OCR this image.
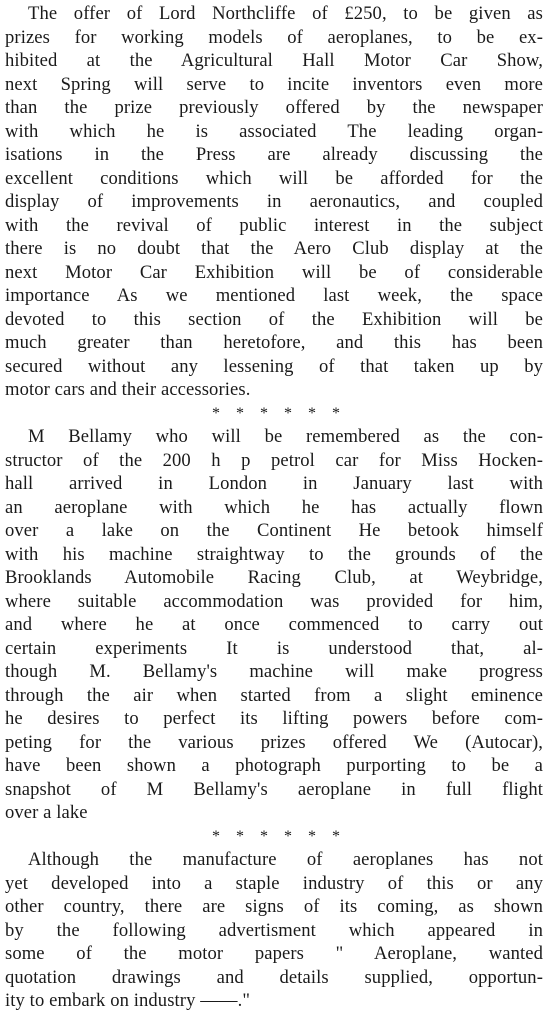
The offer of Lord Northcliffe of £250, to be given as
prizes for working models of aeroplanes, to be ex-
hibited at the Agricultural Hall Motor Car Show,
next Spring will serve to incite inventors even more
than the prize previously offered by the newspaper
with which he is associated The leading organ-
isations in the Press are already discussing the
excellent conditions which will be afforded for the
display of improvements in aeronautics, and coupled
with the revival of public interest in the subject
there is no doubt that the Aero Club display at the
next Motor Car Exhibition will be of considerable
importance As we mentioned last week, the space
devoted to this section of the Exhibition will be
much greater than heretofore, and this has been
secured without any lessening of that taken up by
motor cars and their accessories.
* * * * * *
M Bellamy who will be remembered as the con-
structor of the 200 h p petrol car for Miss Hocken-
hall arrived in London in January last with
an aeroplane with which he has actually flown
over a lake on the Continent He betook himself
with his machine straightway to the grounds of the
Brooklands Automobile Racing Club, at Weybridge,
where suitable accommodation was provided for him,
and where he at once commenced to carry out
certain experiments It is understood that, al-
though M. Bellamy's machine will make progress
through the air when started from a slight eminence
he desires to perfect its lifting powers before com-
peting for the various prizes offered We (Autocar),
have been shown a photograph purporting to be a
snapshot of M Bellamy's aeroplane in full flight
over a lake
* * * * * *
Although the manufacture of aeroplanes has not
yet developed into a staple industry of this or any
other country, there are signs of its coming, as shown
by the following advertisment which appeared in
some of the motor papers " Aeroplane, wanted
quotation drawings and details supplied, opportun-
ity to embark on industry ——."
